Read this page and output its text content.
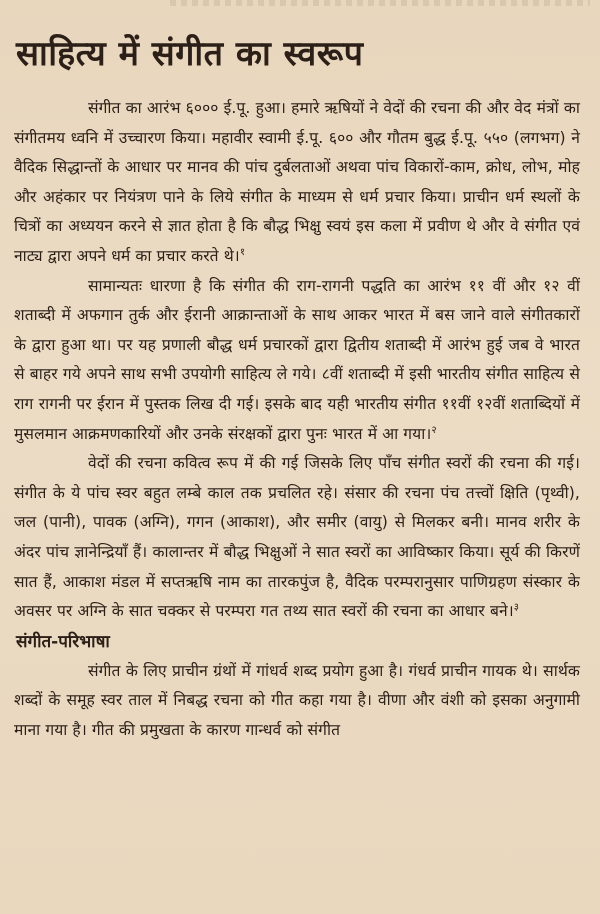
साहित्य में संगीत का स्वरूप

संगीत का आरंभ ६००० ई.पू. हुआ। हमारे ऋषियों ने वेदों की रचना की और वेद मंत्रों का संगीतमय ध्वनि में उच्चारण किया। महावीर स्वामी ई.पू. ६०० और गौतम बुद्ध ई.पू. ५५० (लगभग) ने वैदिक सिद्धान्तों के आधार पर मानव की पांच दुर्बलताओं अथवा पांच विकारों-काम, क्रोध, लोभ, मोह और अहंकार पर नियंत्रण पाने के लिये संगीत के माध्यम से धर्म प्रचार किया। प्राचीन धर्म स्थलों के चित्रों का अध्ययन करने से ज्ञात होता है कि बौद्ध भिक्षु स्वयं इस कला में प्रवीण थे और वे संगीत एवं नाट्य द्वारा अपने धर्म का प्रचार करते थे।$^१$

सामान्यतः धारणा है कि संगीत की राग-रागनी पद्धति का आरंभ ११ वीं और १२ वीं शताब्दी में अफगान तुर्क और ईरानी आक्रान्ताओं के साथ आकर भारत में बस जाने वाले संगीतकारों के द्वारा हुआ था। पर यह प्रणाली बौद्ध धर्म प्रचारकों द्वारा द्वितीय शताब्दी में आरंभ हुई जब वे भारत से बाहर गये अपने साथ सभी उपयोगी साहित्य ले गये। ८वीं शताब्दी में इसी भारतीय संगीत साहित्य से राग रागनी पर ईरान में पुस्तक लिख दी गई। इसके बाद यही भारतीय संगीत ११वीं १२वीं शताब्दियों में मुसलमान आक्रमणकारियों और उनके संरक्षकों द्वारा पुनः भारत में आ गया।$^२$

वेदों की रचना कवित्व रूप में की गई जिसके लिए पाँच संगीत स्वरों की रचना की गई। संगीत के ये पांच स्वर बहुत लम्बे काल तक प्रचलित रहे। संसार की रचना पंच तत्त्वों क्षिति (पृथ्वी), जल (पानी), पावक (अग्नि), गगन (आकाश), और समीर (वायु) से मिलकर बनी। मानव शरीर के अंदर पांच ज्ञानेन्द्रियाँ हैं। कालान्तर में बौद्ध भिक्षुओं ने सात स्वरों का आविष्कार किया। सूर्य की किरणें सात हैं, आकाश मंडल में सप्तऋषि नाम का तारकपुंज है, वैदिक परम्परानुसार पाणिग्रहण संस्कार के अवसर पर अग्नि के सात चक्कर से परम्परा गत तथ्य सात स्वरों की रचना का आधार बने।$^३$

संगीत-परिभाषा

संगीत के लिए प्राचीन ग्रंथों में गांधर्व शब्द प्रयोग हुआ है। गंधर्व प्राचीन गायक थे। सार्थक शब्दों के समूह स्वर ताल में निबद्ध रचना को गीत कहा गया है। वीणा और वंशी को इसका अनुगामी माना गया है। गीत की प्रमुखता के कारण गान्धर्व को संगीत
